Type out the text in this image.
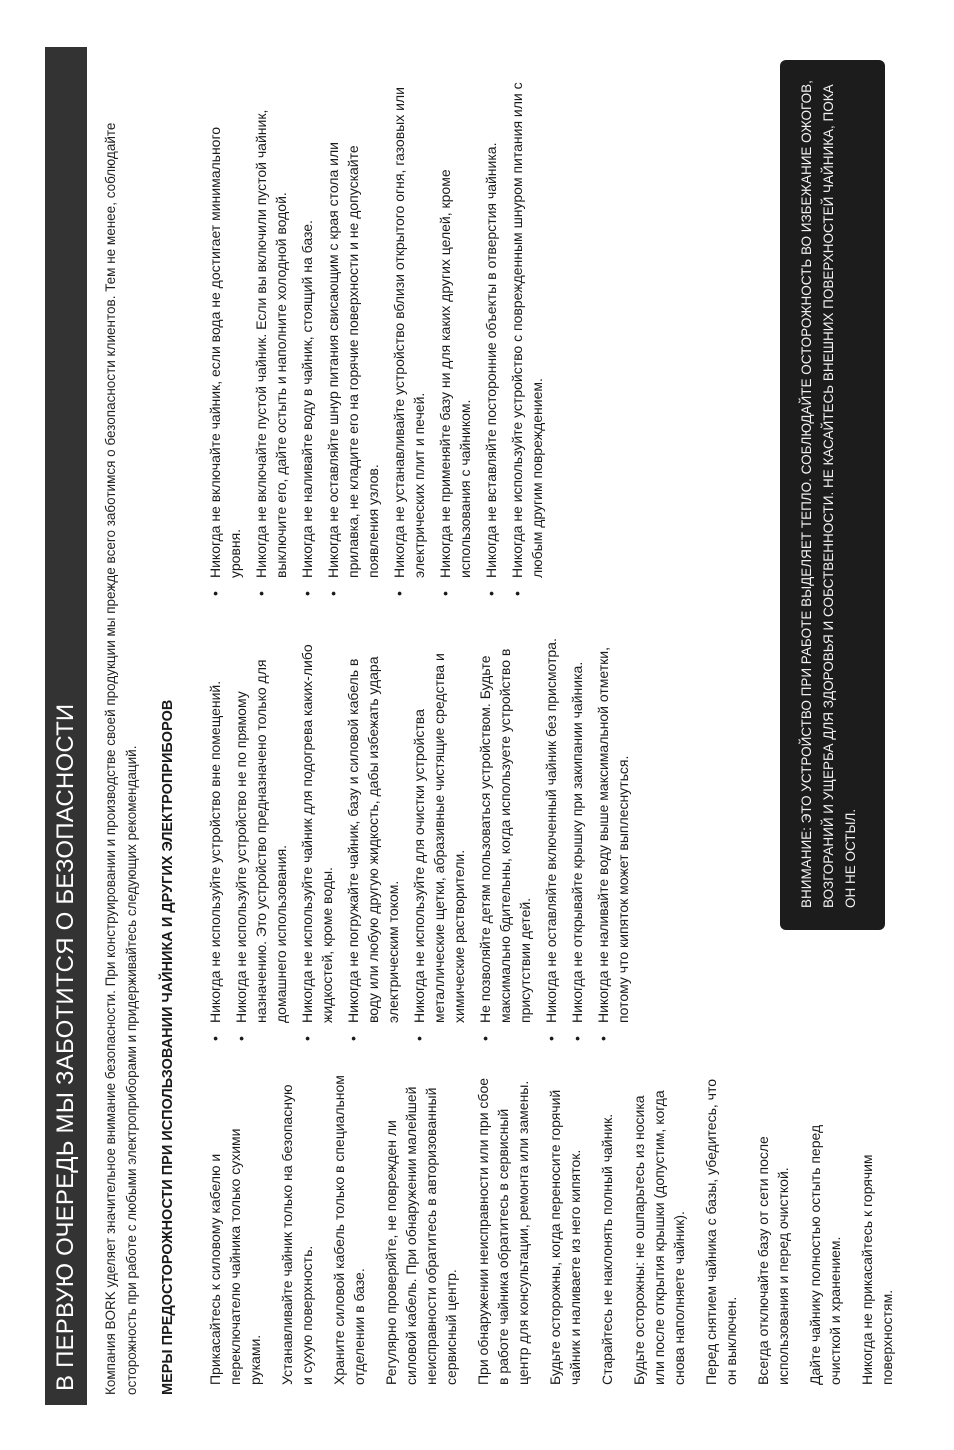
В ПЕРВУЮ ОЧЕРЕДЬ МЫ ЗАБОТИТСЯ О БЕЗОПАСНОСТИ	Компания BORK уделяет значительное внимание безопасности. При конструировании и производстве своей продукции мы прежде всего заботимся о безопасности клиентов. Тем не менее, соблюдайте осторожность при работе с любыми электроприборами и придерживайтесь следующих рекомендаций. МЕРЫ ПРЕДОСТОРОЖНОСТИ ПРИ ИСПОЛЬЗОВАНИИ ЧАЙНИКА И ДРУГИХ ЭЛЕКТРОПРИБОРОВ Прикасайтесь к силовому кабелю и переключателю чайника только сухими руками. Устанавливайте чайник только на безопасную и сухую поверхность. Храните силовой кабель только в специальном отделении в базе. Регулярно проверяйте, не поврежден ли силовой кабель. При обнаружении малейшей неисправности обратитесь в авторизованный сервисный центр. При обнаружении неисправности или при сбое в работе чайника обратитесь в сервисный центр для консультации, ремонта или замены. Будьте осторожны, когда переносите горячий чайник и наливаете из него кипяток. Старайтесь не наклонять полный чайник. Будьте осторожны: не ошпарьтесь из носика или после открытия крышки (допустим, когда снова наполняете чайник). Перед снятием чайника с базы, убедитесь, что он выключен. Всегда отключайте базу от сети после использования и перед очисткой. Дайте чайнику полностью остыть перед очисткой и хранением. Никогда не прикасайтесь к горячим поверхностям.

• Никогда не используйте устройство вне помещений. • Никогда не используйте устройство не по прямому назначению. Это устройство предназначено только для домашнего использования. • Никогда не используйте чайник для подогрева каких-либо жидкостей, кроме воды. • Никогда не погружайте чайник, базу и силовой кабель в воду или любую другую жидкость, дабы избежать удара электрическим током. • Никогда не используйте для очистки устройства металлические щетки, абразивные чистящие средства и химические растворители. • Не позволяйте детям пользоваться устройством. Будьте максимально бдительны, когда используете устройство в присутствии детей. • Никогда не оставляйте включенный чайник без присмотра. • Никогда не открывайте крышку при закипании чайника. • Никогда не наливайте воду выше максимальной отметки, потому что кипяток может выплеснуться.
• Никогда не включайте чайник, если вода не достигает минимального уровня. • Никогда не включайте пустой чайник. Если вы включили пустой чайник, выключите его, дайте остыть и наполните холодной водой. • Никогда не наливайте воду в чайник, стоящий на базе. • Никогда не оставляйте шнур питания свисающим с края стола или прилавка, не кладите его на горячие поверхности и не допускайте появления узлов. • Никогда не устанавливайте устройство вблизи открытого огня, газовых или электрических плит и печей. • Никогда не применяйте базу ни для каких других целей, кроме использования с чайником. • Никогда не вставляйте посторонние объекты в отверстия чайника. • Никогда не используйте устройство с поврежденным шнуром питания или с любым другим повреждением.	ВНИМАНИЕ: ЭТО УСТРОЙСТВО ПРИ РАБОТЕ ВЫДЕЛЯЕТ ТЕПЛО. СОБЛЮДАЙТЕ ОСТОРОЖНОСТЬ ВО ИЗБЕЖАНИЕ ОЖОГОВ, ВОЗГОРАНИЙ И УЩЕРБА ДЛЯ ЗДОРОВЬЯ И СОБСТВЕННОСТИ. НЕ КАСАЙТЕСЬ ВНЕШНИХ ПОВЕРХНОСТЕЙ ЧАЙНИКА, ПОКА ОН НЕ ОСТЫЛ.
